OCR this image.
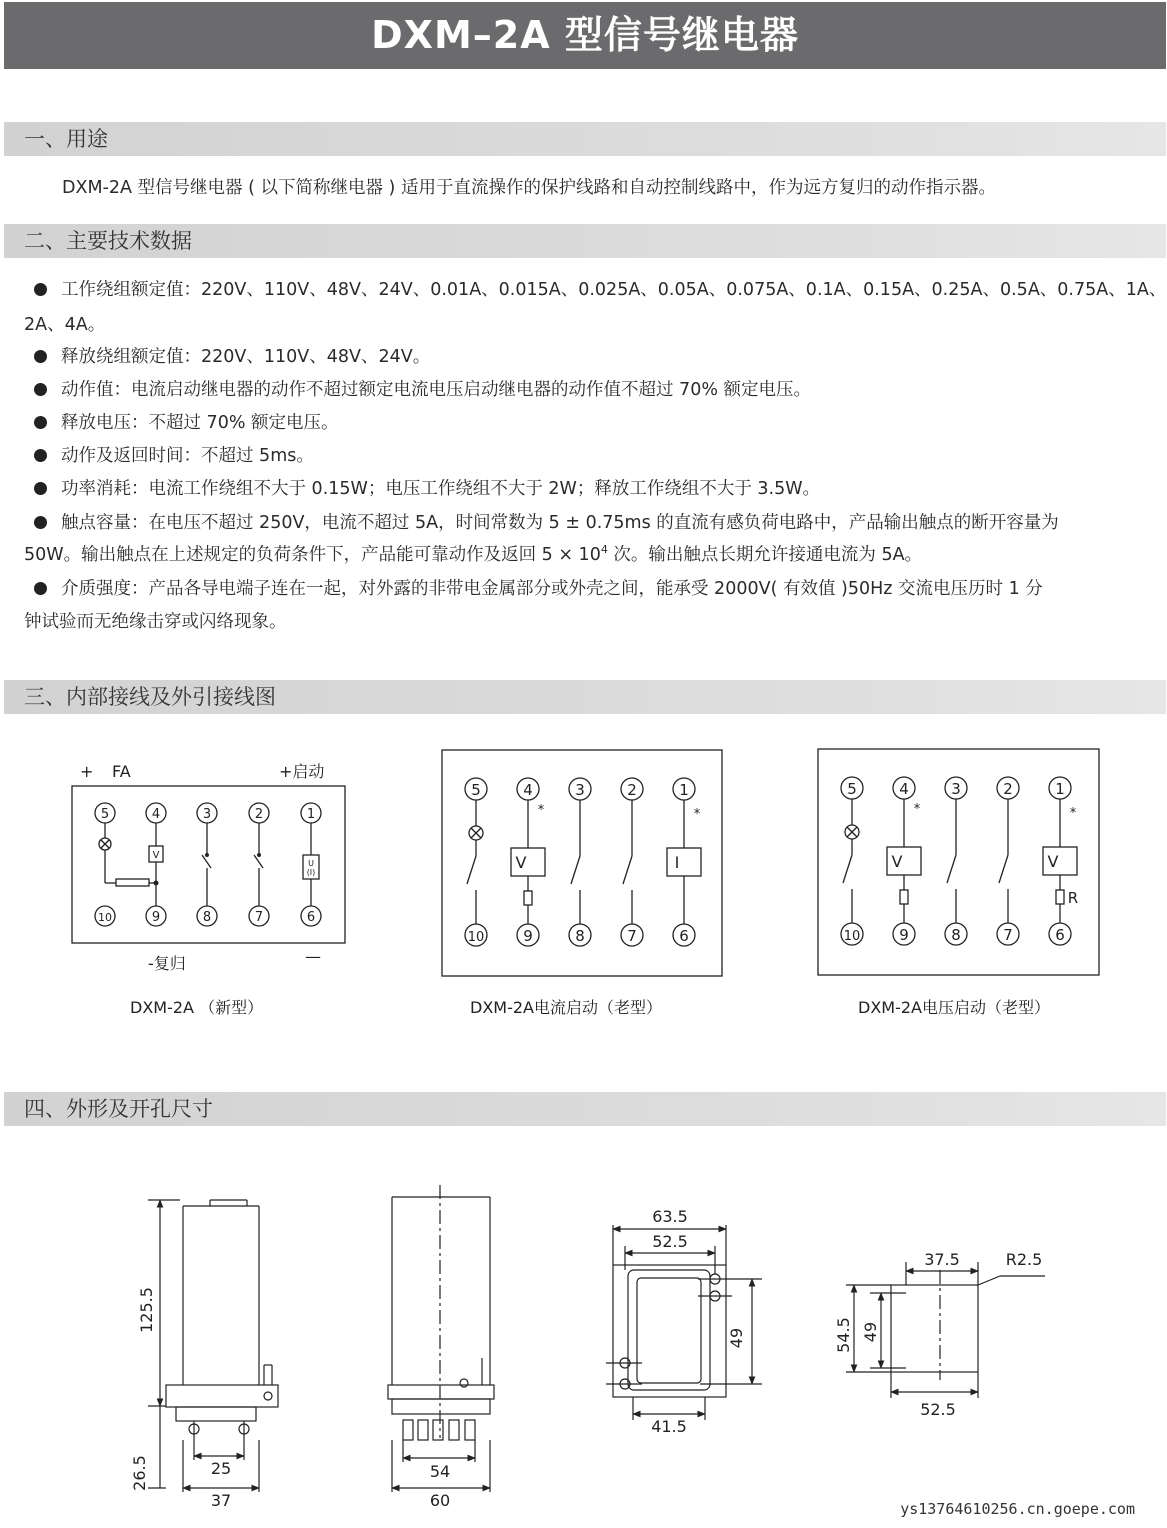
DXM–2A 型信号继电器
一、用途
DXM-2A 型信号继电器 ( 以下简称继电器 ) 适用于直流操作的保护线路和自动控制线路中，作为远方复归的动作指示器。
二、主要技术数据
工作绕组额定值：220V、110V、48V、24V、0.01A、0.015A、0.025A、0.05A、0.075A、0.1A、0.15A、0.25A、0.5A、0.75A、1A、
2A、4A。
释放绕组额定值：220V、110V、48V、24V。
动作值：电流启动继电器的动作不超过额定电流电压启动继电器的动作值不超过 70% 额定电压。
释放电压：不超过 70% 额定电压。
动作及返回时间：不超过 5ms。
功率消耗：电流工作绕组不大于 0.15W；电压工作绕组不大于 2W；释放工作绕组不大于 3.5W。
触点容量：在电压不超过 250V，电流不超过 5A，时间常数为 5 ± 0.75ms 的直流有感负荷电路中，产品输出触点的断开容量为
50W。输出触点在上述规定的负荷条件下，产品能可靠动作及返回 $5 \times 10^4$ 次。输出触点长期允许接通电流为 5A。
介质强度：产品各导电端子连在一起，对外露的非带电金属部分或外壳之间，能承受 2000V( 有效值 )50Hz 交流电压历时 1 分
钟试验而无绝缘击穿或闪络现象。
三、内部接线及外引接线图
5	4	3	2	1
10	9	8	7	6
V
U
(I)
+ FA	+启动
-复归	—
DXM-2A （新型）
5	4	3	2	1
10	9	8	7	6
V	I
*	*
DXM-2A电流启动（老型）
5	4	3	2	1
10	9	8	7	6
V	V
R
*	*
DXM-2A电压启动（老型）
125.5
26.5	25
37
54
60
63.5
52.5
49
41.5
37.5	R2.5
54.5 49
52.5
四、外形及开孔尺寸
ys13764610256.cn.goepe.com
